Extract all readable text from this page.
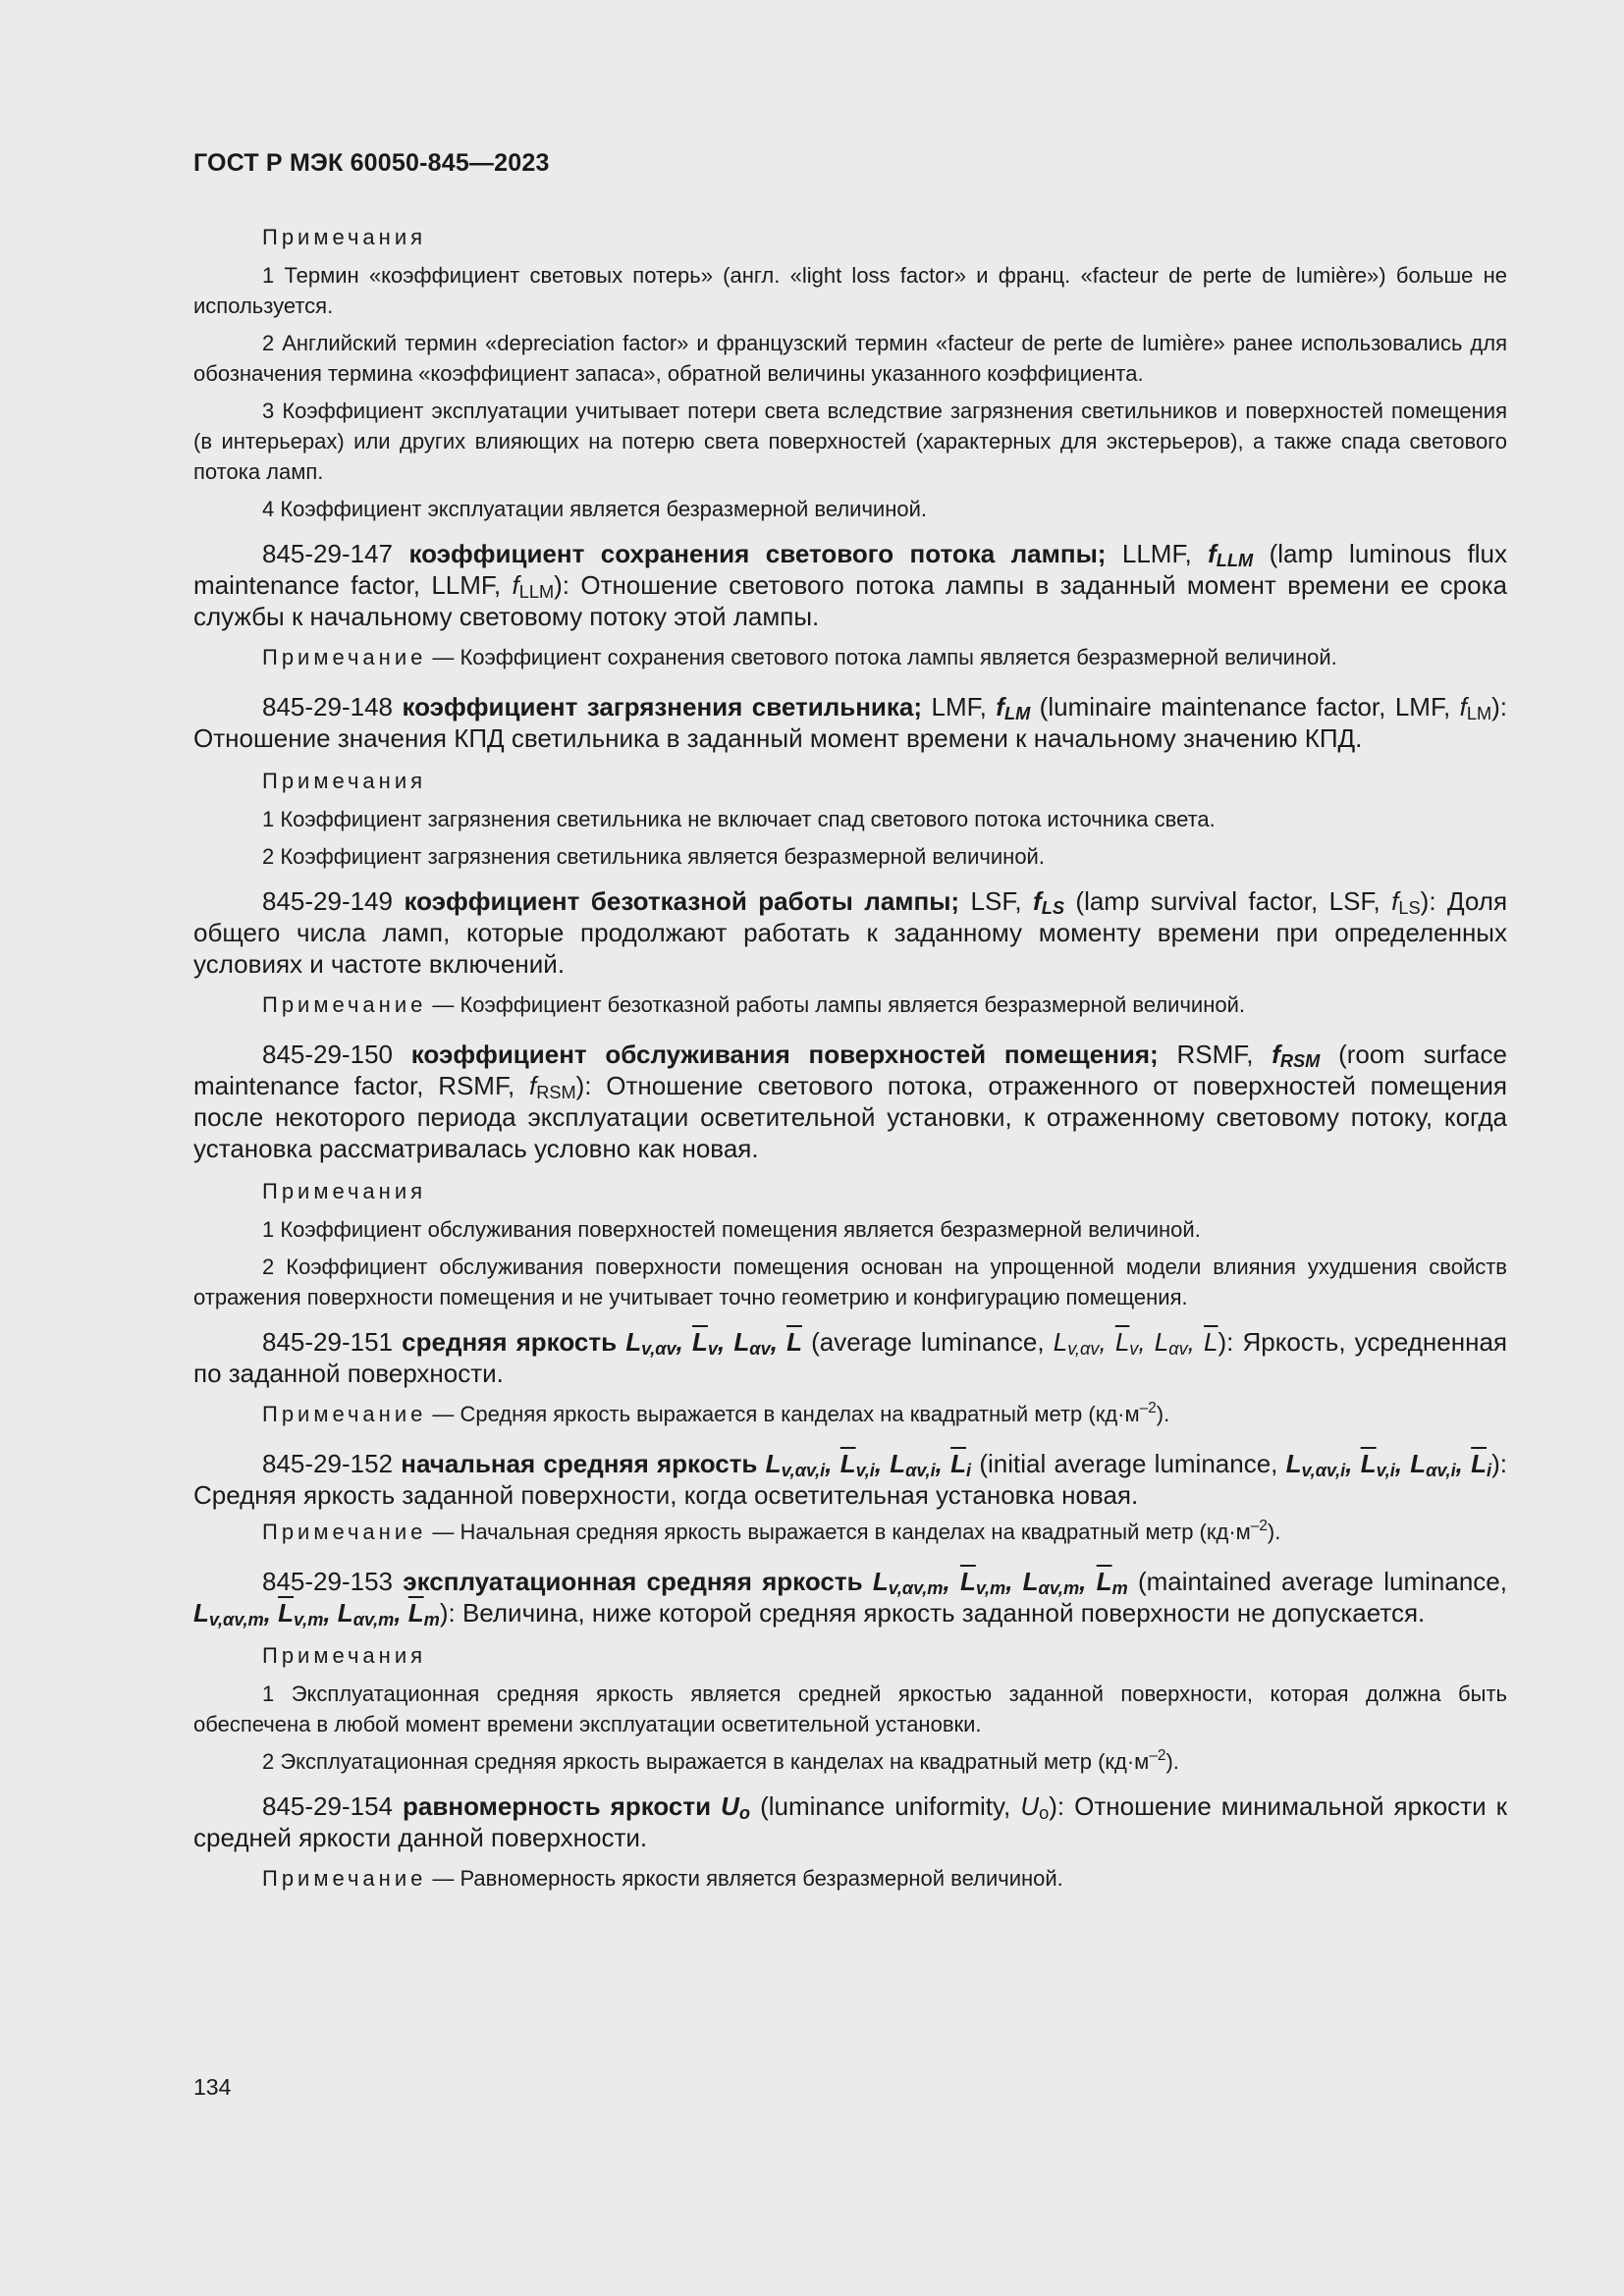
ГОСТ Р МЭК 60050-845—2023
Примечания

1 Термин «коэффициент световых потерь» (англ. «light loss factor» и франц. «facteur de perte de lumière») больше не используется.

2 Английский термин «depreciation factor» и французский термин «facteur de perte de lumière» ранее использовались для обозначения термина «коэффициент запаса», обратной величины указанного коэффициента.

3 Коэффициент эксплуатации учитывает потери света вследствие загрязнения светильников и поверхностей помещения (в интерьерах) или других влияющих на потерю света поверхностей (характерных для экстерьеров), а также спада светового потока ламп.

4 Коэффициент эксплуатации является безразмерной величиной.

845-29-147 коэффициент сохранения светового потока лампы; LLMF, $f_{LLM}$ (lamp luminous flux maintenance factor, LLMF, $f_{LLM}$): Отношение светового потока лампы в заданный момент времени ее срока службы к начальному световому потоку этой лампы.

Примечание — Коэффициент сохранения светового потока лампы является безразмерной величиной.

845-29-148 коэффициент загрязнения светильника; LMF, $f_{LM}$ (luminaire maintenance factor, LMF, $f_{LM}$): Отношение значения КПД светильника в заданный момент времени к начальному значению КПД.

Примечания

1 Коэффициент загрязнения светильника не включает спад светового потока источника света.

2 Коэффициент загрязнения светильника является безразмерной величиной.

845-29-149 коэффициент безотказной работы лампы; LSF, $f_{LS}$ (lamp survival factor, LSF, $f_{LS}$): Доля общего числа ламп, которые продолжают работать к заданному моменту времени при определенных условиях и частоте включений.

Примечание — Коэффициент безотказной работы лампы является безразмерной величиной.

845-29-150 коэффициент обслуживания поверхностей помещения; RSMF, $f_{RSM}$ (room surface maintenance factor, RSMF, $f_{RSM}$): Отношение светового потока, отраженного от поверхностей помещения после некоторого периода эксплуатации осветительной установки, к отраженному световому потоку, когда установка рассматривалась условно как новая.

Примечания

1 Коэффициент обслуживания поверхностей помещения является безразмерной величиной.

2 Коэффициент обслуживания поверхности помещения основан на упрощенной модели влияния ухудшения свойств отражения поверхности помещения и не учитывает точно геометрию и конфигурацию помещения.

845-29-151 средняя яркость $L_{v,\alpha v}$, $\overline{L}_v$, $L_{\alpha v}$, $\overline{L}$ (average luminance, $L_{v,\alpha v}$, $\overline{L}_v$, $L_{\alpha v}$, $\overline{L}$): Яркость, усредненная по заданной поверхности.

Примечание — Средняя яркость выражается в канделах на квадратный метр $(кд\cdot м^{-2})$.

845-29-152 начальная средняя яркость $L_{v,\alpha v,i}$, $\overline{L}_{v,i}$, $L_{\alpha v,i}$, $\overline{L}_i$ (initial average luminance, $L_{v,\alpha v,i}$, $\overline{L}_{v,i}$, $L_{\alpha v,i}$, $\overline{L}_i$): Средняя яркость заданной поверхности, когда осветительная установка новая.

Примечание — Начальная средняя яркость выражается в канделах на квадратный метр $(кд\cdot м^{-2})$.

845-29-153 эксплуатационная средняя яркость $L_{v,\alpha v,m}$, $\overline{L}_{v,m}$, $L_{\alpha v,m}$, $\overline{L}_m$ (maintained average luminance, $L_{v,\alpha v,m}$, $\overline{L}_{v,m}$, $L_{\alpha v,m}$, $\overline{L}_m$): Величина, ниже которой средняя яркость заданной поверхности не допускается.

Примечания

1 Эксплуатационная средняя яркость является средней яркостью заданной поверхности, которая должна быть обеспечена в любой момент времени эксплуатации осветительной установки.

2 Эксплуатационная средняя яркость выражается в канделах на квадратный метр $(кд\cdot м^{-2})$.

845-29-154 равномерность яркости $U_o$ (luminance uniformity, $U_o$): Отношение минимальной яркости к средней яркости данной поверхности.

Примечание — Равномерность яркости является безразмерной величиной.

134
